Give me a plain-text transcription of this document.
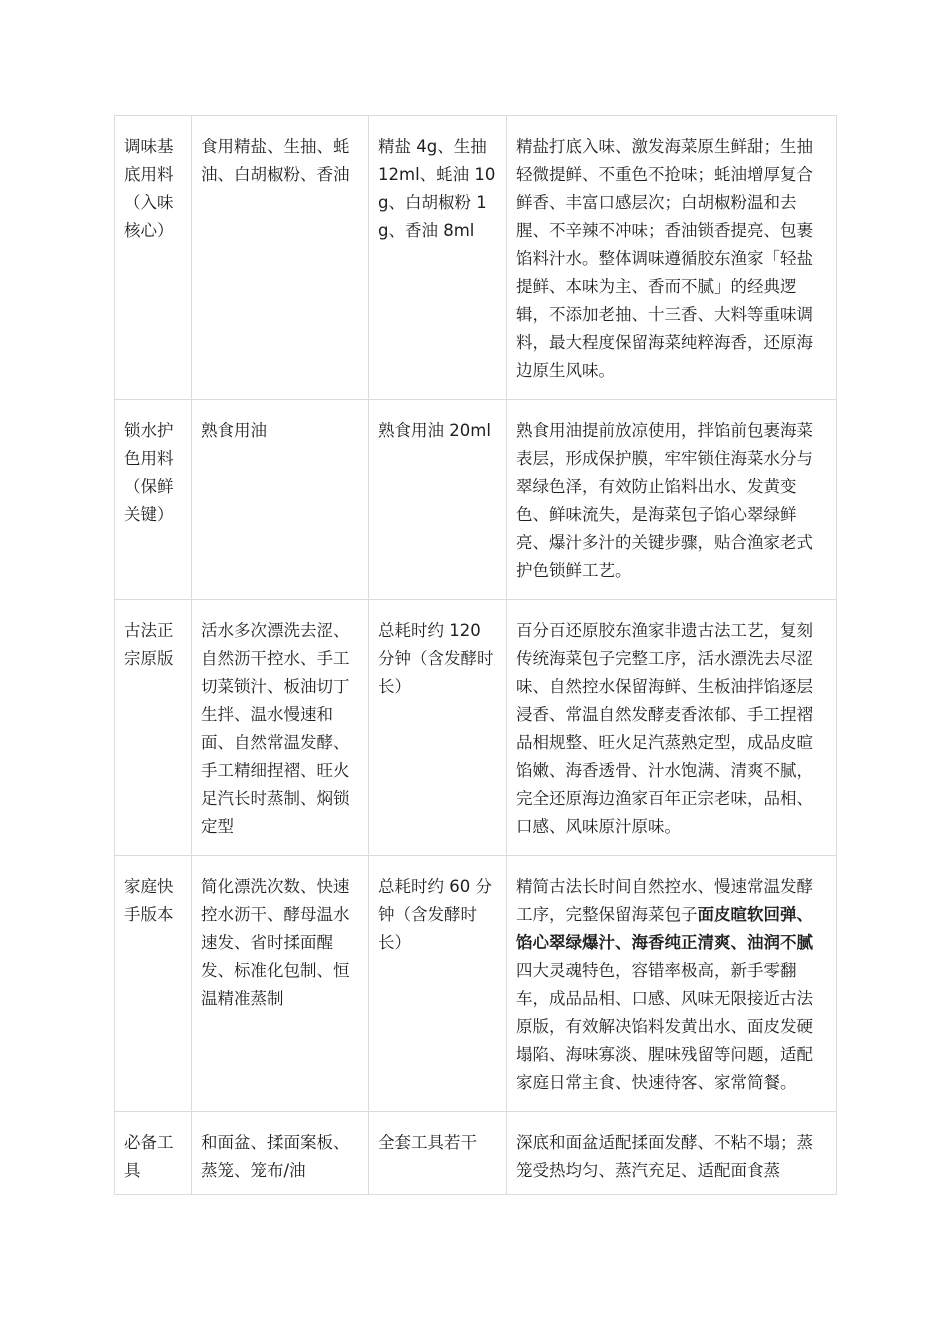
调味基底用料（入味核心）	食用精盐、生抽、蚝油、白胡椒粉、香油	精盐 4g、生抽 12ml、蚝油 10g、白胡椒粉 1g、香油 8ml	精盐打底入味、激发海菜原生鲜甜；生抽轻微提鲜、不重色不抢味；蚝油增厚复合鲜香、丰富口感层次；白胡椒粉温和去腥、不辛辣不冲味；香油锁香提亮、包裹馅料汁水。整体调味遵循胶东渔家「轻盐提鲜、本味为主、香而不腻」的经典逻辑，不添加老抽、十三香、大料等重味调料，最大程度保留海菜纯粹海香，还原海边原生风味。
锁水护色用料（保鲜关键）	熟食用油	熟食用油 20ml	熟食用油提前放凉使用，拌馅前包裹海菜表层，形成保护膜，牢牢锁住海菜水分与翠绿色泽，有效防止馅料出水、发黄变色、鲜味流失，是海菜包子馅心翠绿鲜亮、爆汁多汁的关键步骤，贴合渔家老式护色锁鲜工艺。
古法正宗原版	活水多次漂洗去涩、自然沥干控水、手工切菜锁汁、板油切丁生拌、温水慢速和面、自然常温发酵、手工精细捏褶、旺火足汽长时蒸制、焖锁定型	总耗时约 120 分钟（含发酵时长）	百分百还原胶东渔家非遗古法工艺，复刻传统海菜包子完整工序，活水漂洗去尽涩味、自然控水保留海鲜、生板油拌馅逐层浸香、常温自然发酵麦香浓郁、手工捏褶品相规整、旺火足汽蒸熟定型，成品皮暄馅嫩、海香透骨、汁水饱满、清爽不腻，完全还原海边渔家百年正宗老味，品相、口感、风味原汁原味。
家庭快手版本	简化漂洗次数、快速控水沥干、酵母温水速发、省时揉面醒发、标准化包制、恒温精准蒸制	总耗时约 60 分钟（含发酵时长）	精简古法长时间自然控水、慢速常温发酵工序，完整保留海菜包子面皮暄软回弹、馅心翠绿爆汁、海香纯正清爽、油润不腻四大灵魂特色，容错率极高，新手零翻车，成品品相、口感、风味无限接近古法原版，有效解决馅料发黄出水、面皮发硬塌陷、海味寡淡、腥味残留等问题，适配家庭日常主食、快速待客、家常简餐。
必备工具	和面盆、揉面案板、蒸笼、笼布/油	全套工具若干	深底和面盆适配揉面发酵、不粘不塌；蒸笼受热均匀、蒸汽充足、适配面食蒸
